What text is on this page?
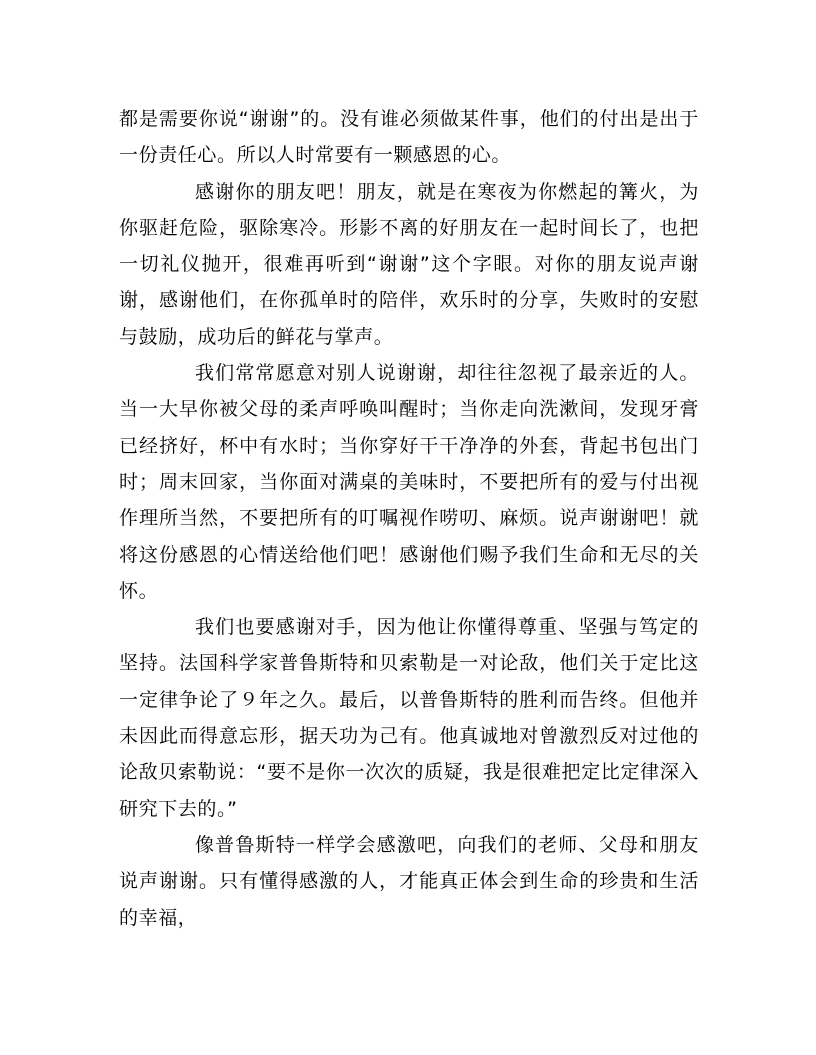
都是需要你说“谢谢”的。没有谁必须做某件事，他们的付出是出于一份责任心。所以人时常要有一颗感恩的心。

感谢你的朋友吧！朋友，就是在寒夜为你燃起的篝火，为你驱赶危险，驱除寒冷。形影不离的好朋友在一起时间长了，也把一切礼仪抛开，很难再听到“谢谢”这个字眼。对你的朋友说声谢谢，感谢他们，在你孤单时的陪伴，欢乐时的分享，失败时的安慰与鼓励，成功后的鲜花与掌声。

我们常常愿意对别人说谢谢，却往往忽视了最亲近的人。当一大早你被父母的柔声呼唤叫醒时；当你走向洗漱间，发现牙膏已经挤好，杯中有水时；当你穿好干干净净的外套，背起书包出门时；周末回家，当你面对满桌的美味时，不要把所有的爱与付出视作理所当然，不要把所有的叮嘱视作唠叨、麻烦。说声谢谢吧！就将这份感恩的心情送给他们吧！感谢他们赐予我们生命和无尽的关怀。

我们也要感谢对手，因为他让你懂得尊重、坚强与笃定的坚持。法国科学家普鲁斯特和贝索勒是一对论敌，他们关于定比这一定律争论了９年之久。最后，以普鲁斯特的胜利而告终。但他并未因此而得意忘形，据天功为己有。他真诚地对曾激烈反对过他的论敌贝索勒说：“要不是你一次次的质疑，我是很难把定比定律深入研究下去的。”

像普鲁斯特一样学会感激吧，向我们的老师、父母和朋友说声谢谢。只有懂得感激的人，才能真正体会到生命的珍贵和生活的幸福，
